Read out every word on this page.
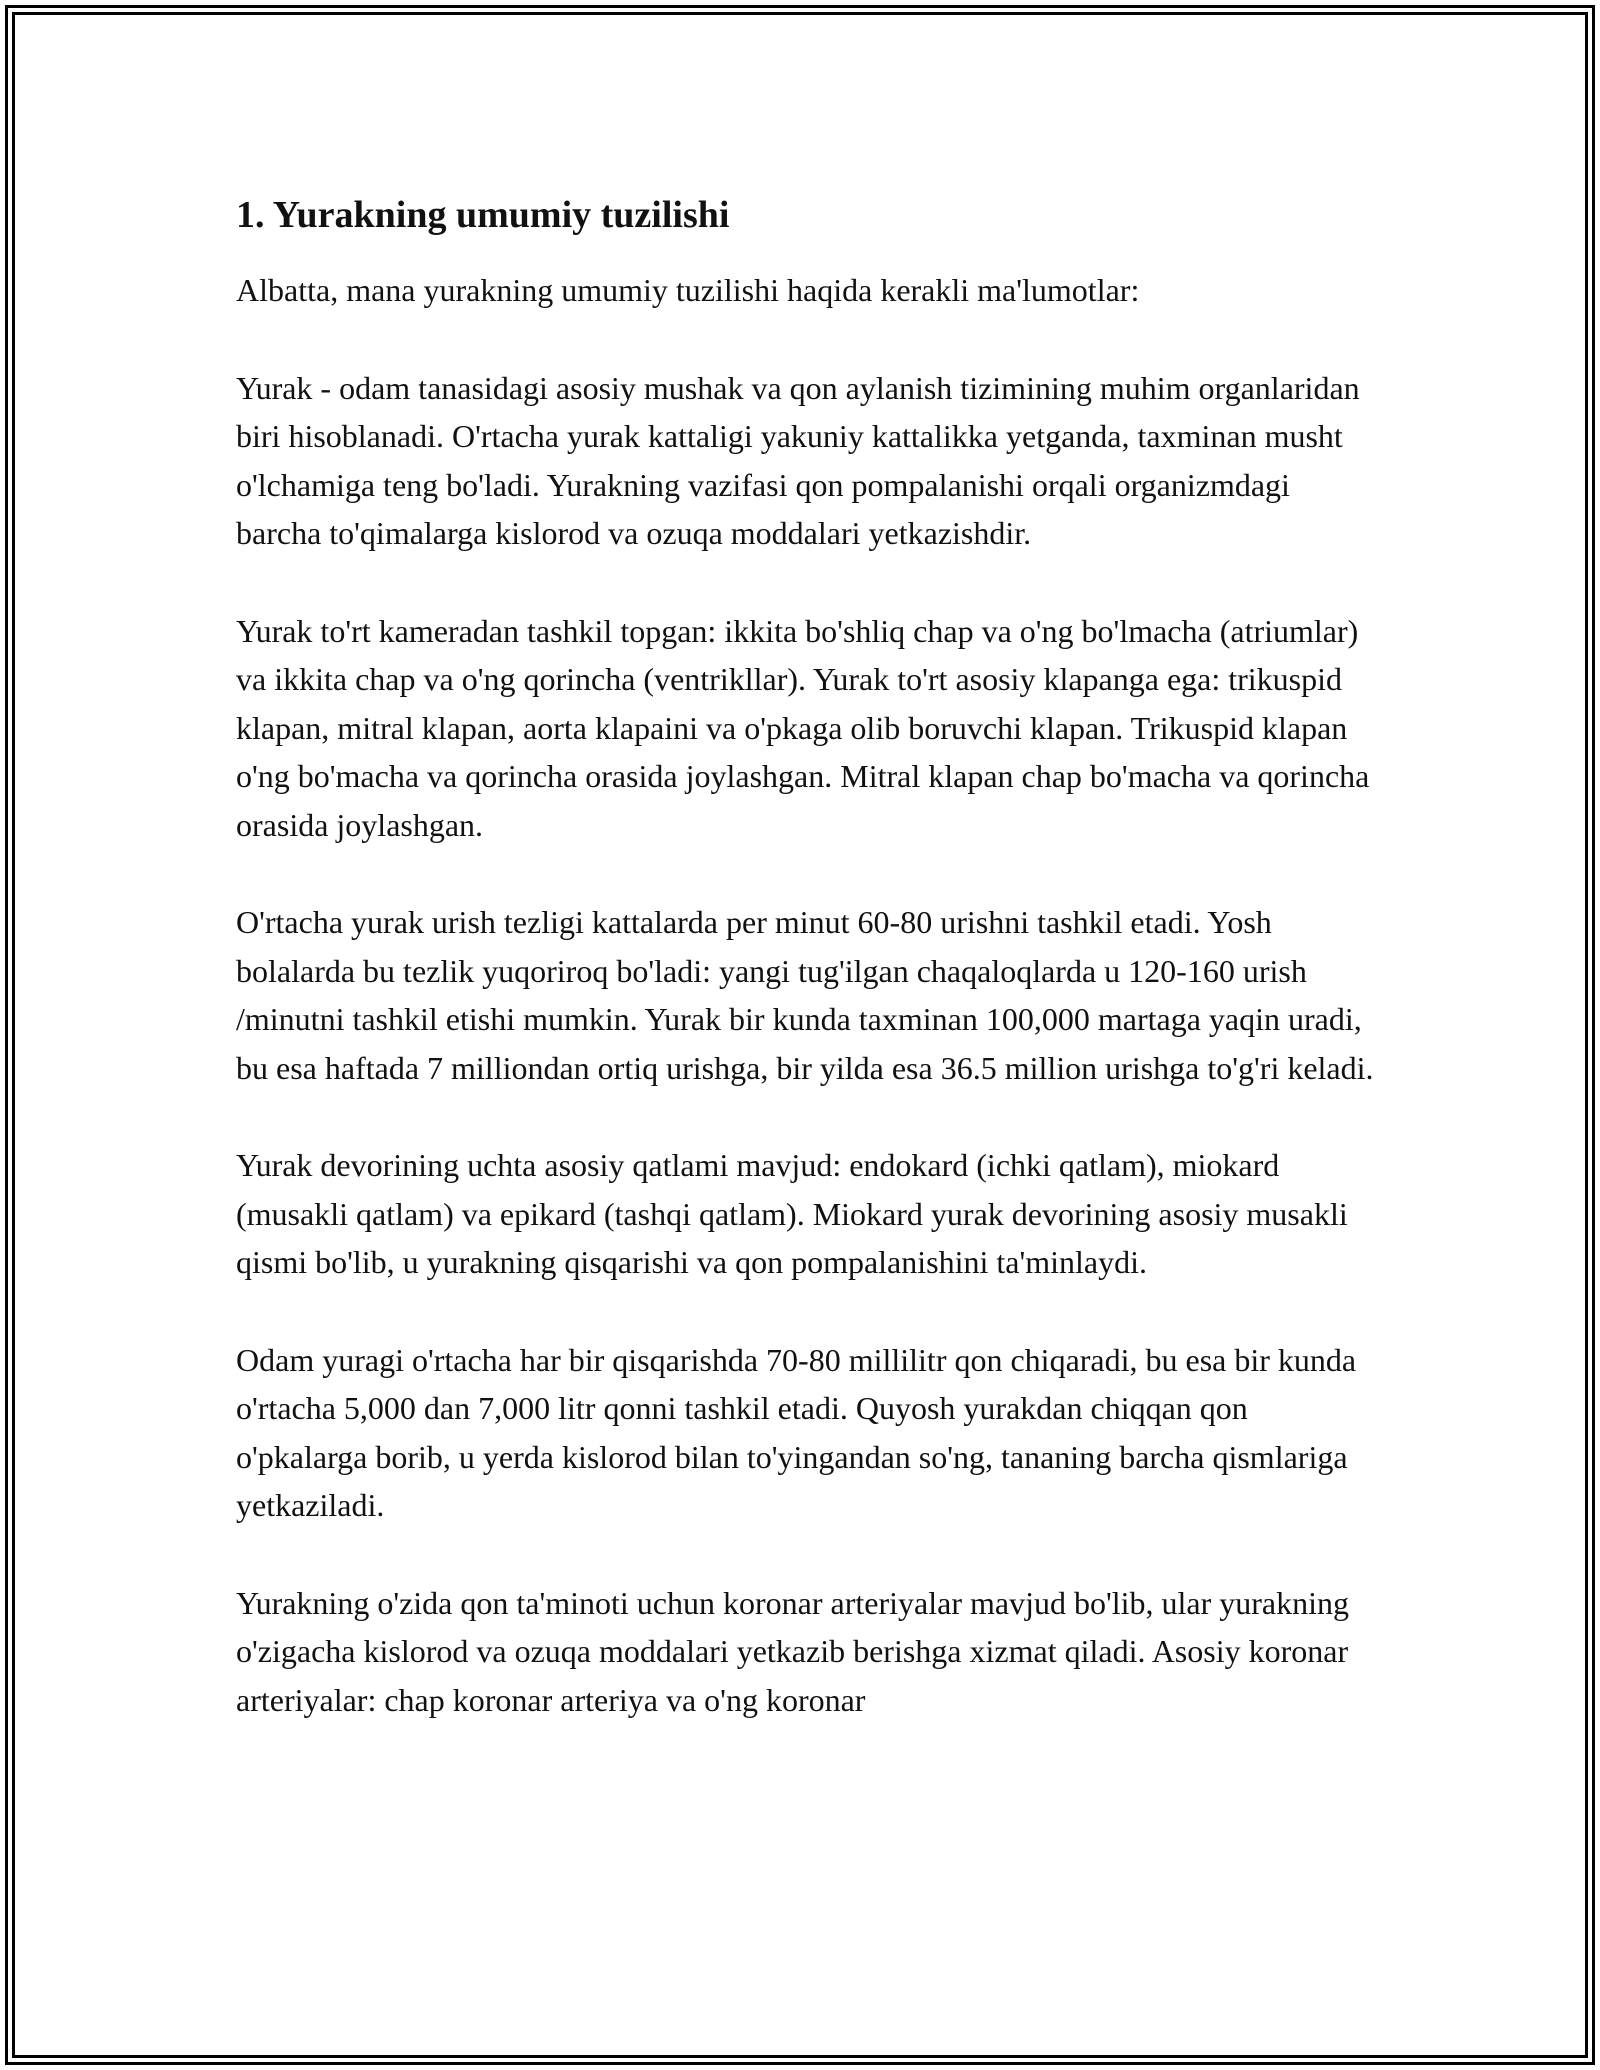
1. Yurakning umumiy tuzilishi

Albatta, mana yurakning umumiy tuzilishi haqida kerakli ma'lumotlar:

Yurak - odam tanasidagi asosiy mushak va qon aylanish tizimining muhim organlaridan biri hisoblanadi. O'rtacha yurak kattaligi yakuniy kattalikka yetganda, taxminan musht o'lchamiga teng bo'ladi. Yurakning vazifasi qon pompalanishi orqali organizmdagi barcha to'qimalarga kislorod va ozuqa moddalari yetkazishdir.

Yurak to'rt kameradan tashkil topgan: ikkita bo'shliq chap va o'ng bo'lmacha (atriumlar) va ikkita chap va o'ng qorincha (ventrikllar). Yurak to'rt asosiy klapanga ega: trikuspid klapan, mitral klapan, aorta klapaini va o'pkaga olib boruvchi klapan. Trikuspid klapan o'ng bo'macha va qorincha orasida joylashgan. Mitral klapan chap bo'macha va qorincha orasida joylashgan.

O'rtacha yurak urish tezligi kattalarda per minut 60-80 urishni tashkil etadi. Yosh bolalarda bu tezlik yuqoriroq bo'ladi: yangi tug'ilgan chaqaloqlarda u 120-160 urish /minutni tashkil etishi mumkin. Yurak bir kunda taxminan 100,000 martaga yaqin uradi, bu esa haftada 7 milliondan ortiq urishga, bir yilda esa 36.5 million urishga to'g'ri keladi.

Yurak devorining uchta asosiy qatlami mavjud: endokard (ichki qatlam), miokard (musakli qatlam) va epikard (tashqi qatlam). Miokard yurak devorining asosiy musakli qismi bo'lib, u yurakning qisqarishi va qon pompalanishini ta'minlaydi.

Odam yuragi o'rtacha har bir qisqarishda 70-80 millilitr qon chiqaradi, bu esa bir kunda o'rtacha 5,000 dan 7,000 litr qonni tashkil etadi. Quyosh yurakdan chiqqan qon o'pkalarga borib, u yerda kislorod bilan to'yingandan so'ng, tananing barcha qismlariga yetkaziladi.

Yurakning o'zida qon ta'minoti uchun koronar arteriyalar mavjud bo'lib, ular yurakning o'zigacha kislorod va ozuqa moddalari yetkazib berishga xizmat qiladi. Asosiy koronar arteriyalar: chap koronar arteriya va o'ng koronar
